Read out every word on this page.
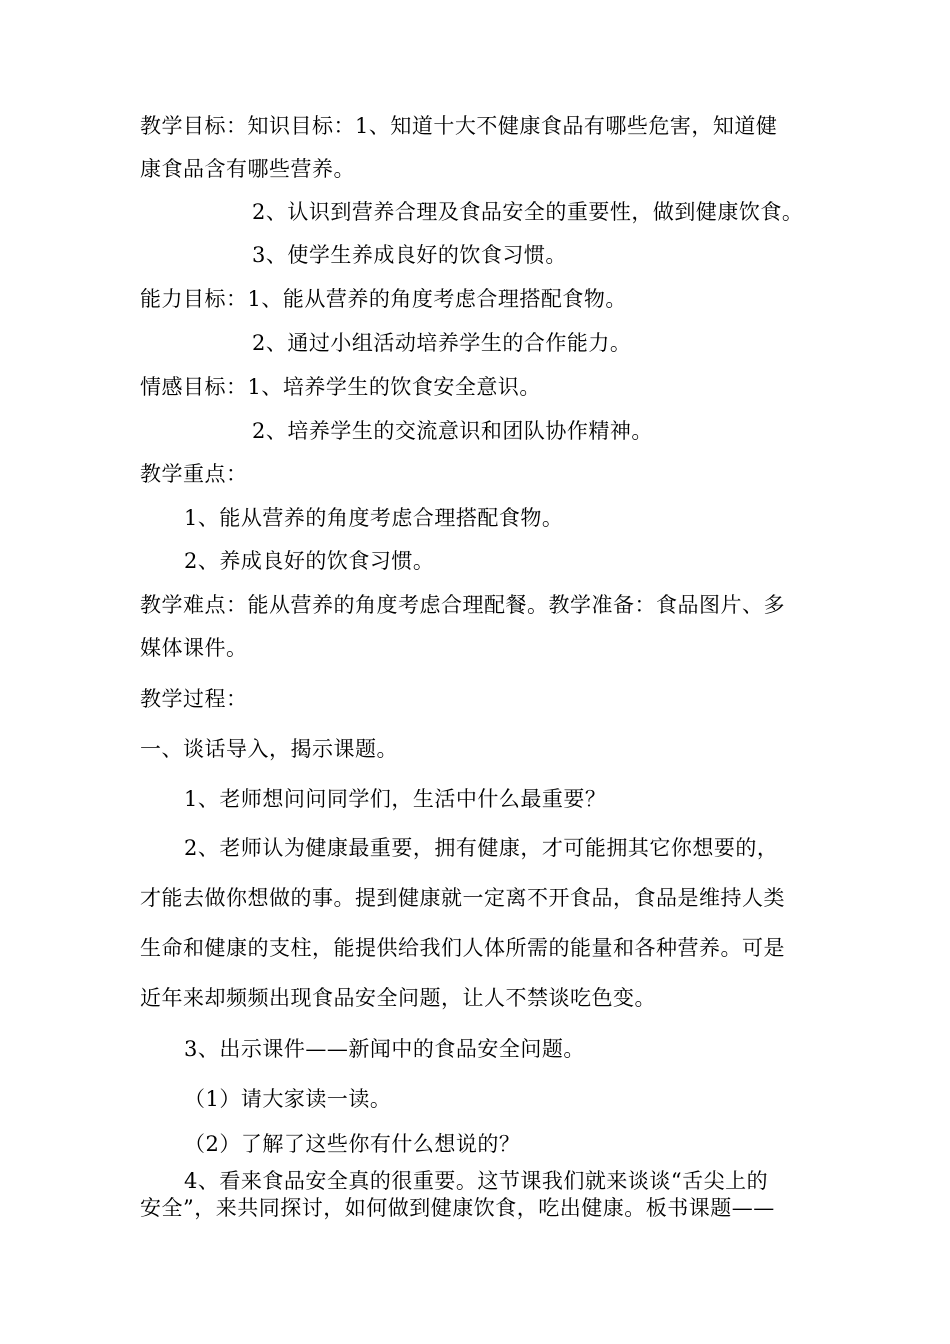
教学目标：知识目标：1、知道十大不健康食品有哪些危害，知道健
康食品含有哪些营养。
2、认识到营养合理及食品安全的重要性，做到健康饮食。
3、使学生养成良好的饮食习惯。
能力目标：1、能从营养的角度考虑合理搭配食物。
2、通过小组活动培养学生的合作能力。
情感目标：1、培养学生的饮食安全意识。
2、培养学生的交流意识和团队协作精神。
教学重点：
1、能从营养的角度考虑合理搭配食物。
2、养成良好的饮食习惯。
教学难点：能从营养的角度考虑合理配餐。教学准备：食品图片、多
媒体课件。
教学过程：
一、谈话导入，揭示课题。
1、老师想问问同学们，生活中什么最重要？
2、老师认为健康最重要，拥有健康，才可能拥其它你想要的，
才能去做你想做的事。提到健康就一定离不开食品，食品是维持人类
生命和健康的支柱，能提供给我们人体所需的能量和各种营养。可是
近年来却频频出现食品安全问题，让人不禁谈吃色变。
3、出示课件——新闻中的食品安全问题。
（1）请大家读一读。
（2）了解了这些你有什么想说的？
4、看来食品安全真的很重要。这节课我们就来谈谈“舌尖上的
安全”，来共同探讨，如何做到健康饮食，吃出健康。板书课题——
